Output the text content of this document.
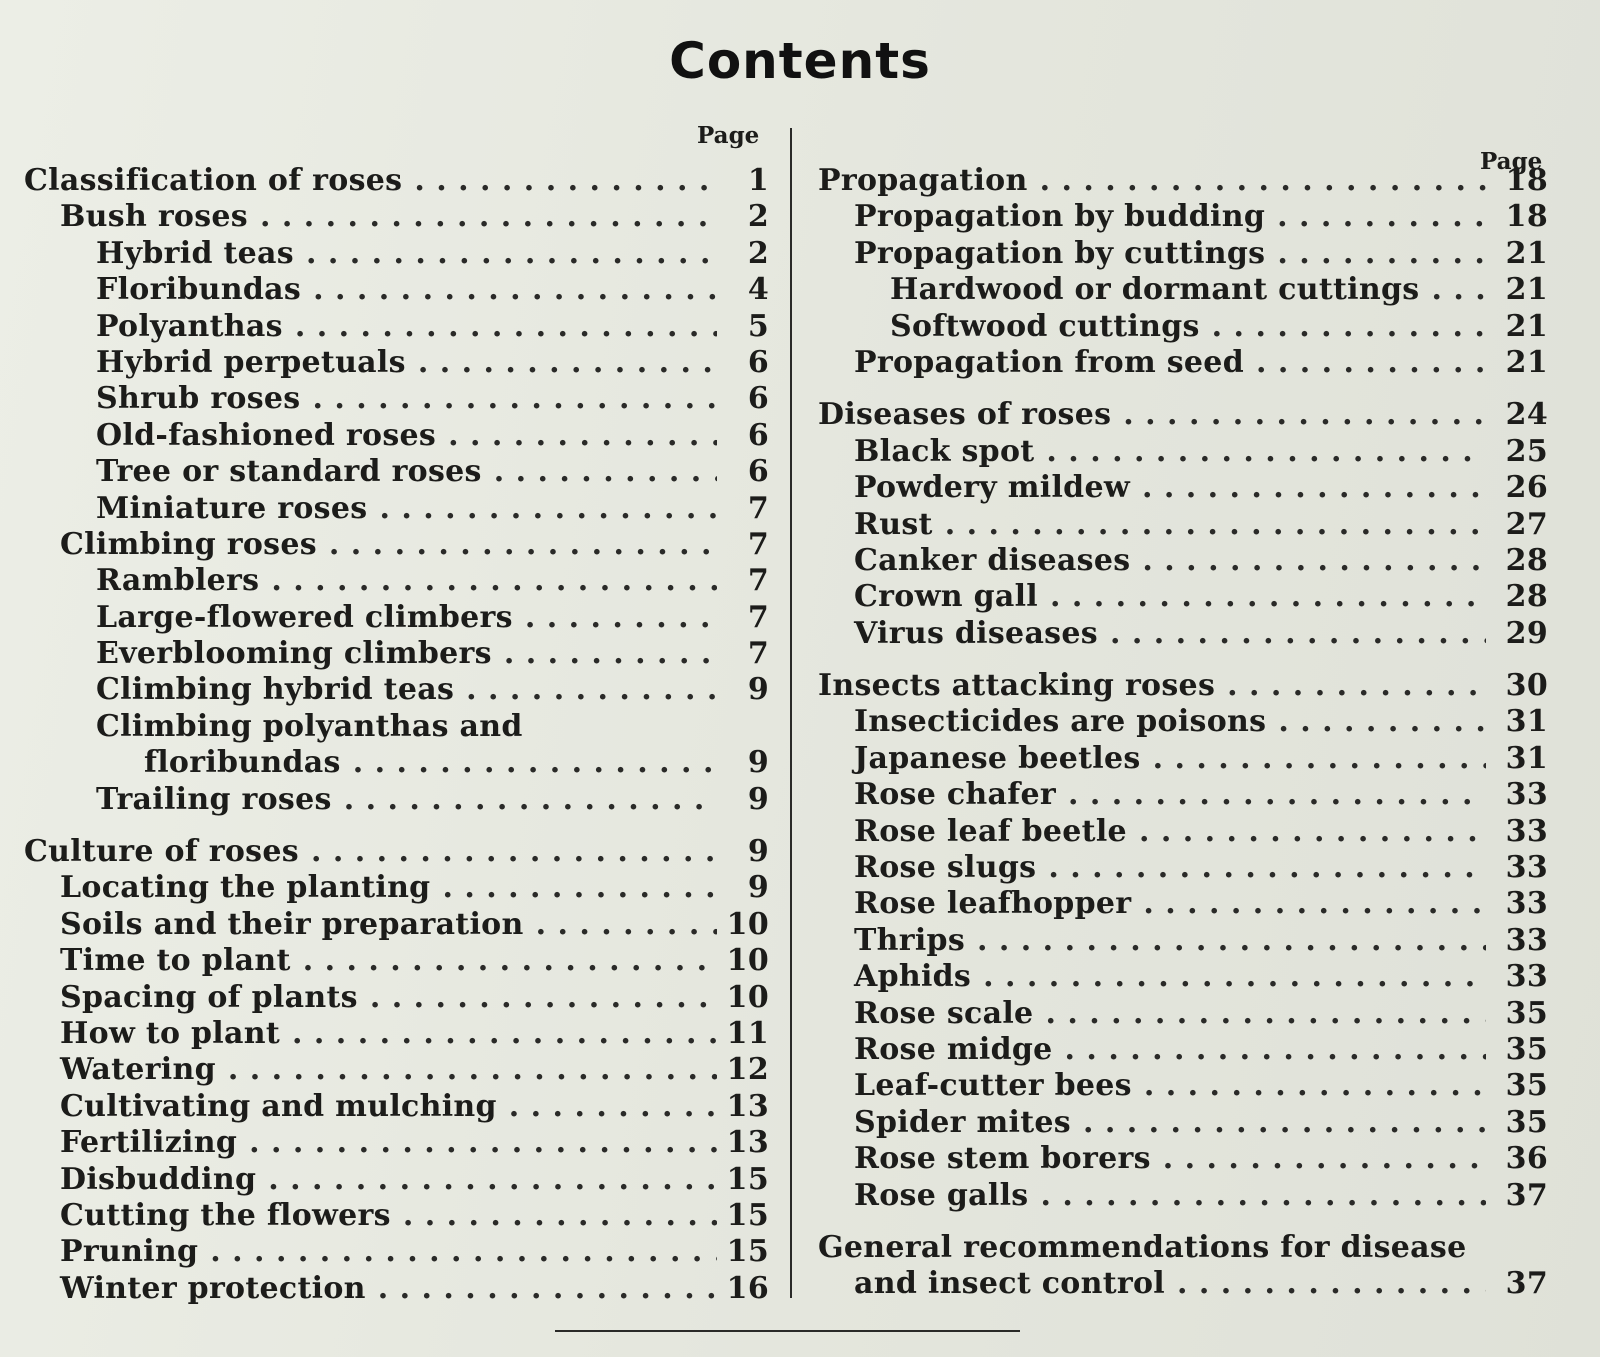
Contents
Page
Page
Classification of roses . . .	1
Bush roses . . .	2
Hybrid teas . . .	2
Floribundas . . .	4
Polyanthas . . .	5
Hybrid perpetuals . . .	6
Shrub roses . . .	6
Old-fashioned roses . . .	6
Tree or standard roses . . .	6
Miniature roses . . .	7
Climbing roses . . .	7
Ramblers . . .	7
Large-flowered climbers . . .	7
Everblooming climbers . . .	7
Climbing hybrid teas . . .	9
Climbing polyanthas and
floribundas . . .	9
Trailing roses . . .	9
Culture of roses . . .	9
Locating the planting . . .	9
Soils and their preparation . . .	10
Time to plant . . .	10
Spacing of plants . . .	10
How to plant . . .	11
Watering . . .	12
Cultivating and mulching . . .	13
Fertilizing . . .	13
Disbudding . . .	15
Cutting the flowers . . .	15
Pruning . . .	15
Winter protection . . .	16
Propagation . . .	18
Propagation by budding . . .	18
Propagation by cuttings . . .	21
Hardwood or dormant cuttings . . .	21
Softwood cuttings . . .	21
Propagation from seed . . .	21
Diseases of roses . . .	24
Black spot . . .	25
Powdery mildew . . .	26
Rust . . .	27
Canker diseases . . .	28
Crown gall . . .	28
Virus diseases . . .	29
Insects attacking roses . . .	30
Insecticides are poisons . . .	31
Japanese beetles . . .	31
Rose chafer . . .	33
Rose leaf beetle . . .	33
Rose slugs . . .	33
Rose leafhopper . . .	33
Thrips . . .	33
Aphids . . .	33
Rose scale . . .	35
Rose midge . . .	35
Leaf-cutter bees . . .	35
Spider mites . . .	35
Rose stem borers . . .	36
Rose galls . . .	37
General recommendations for disease
and insect control . . .	37
